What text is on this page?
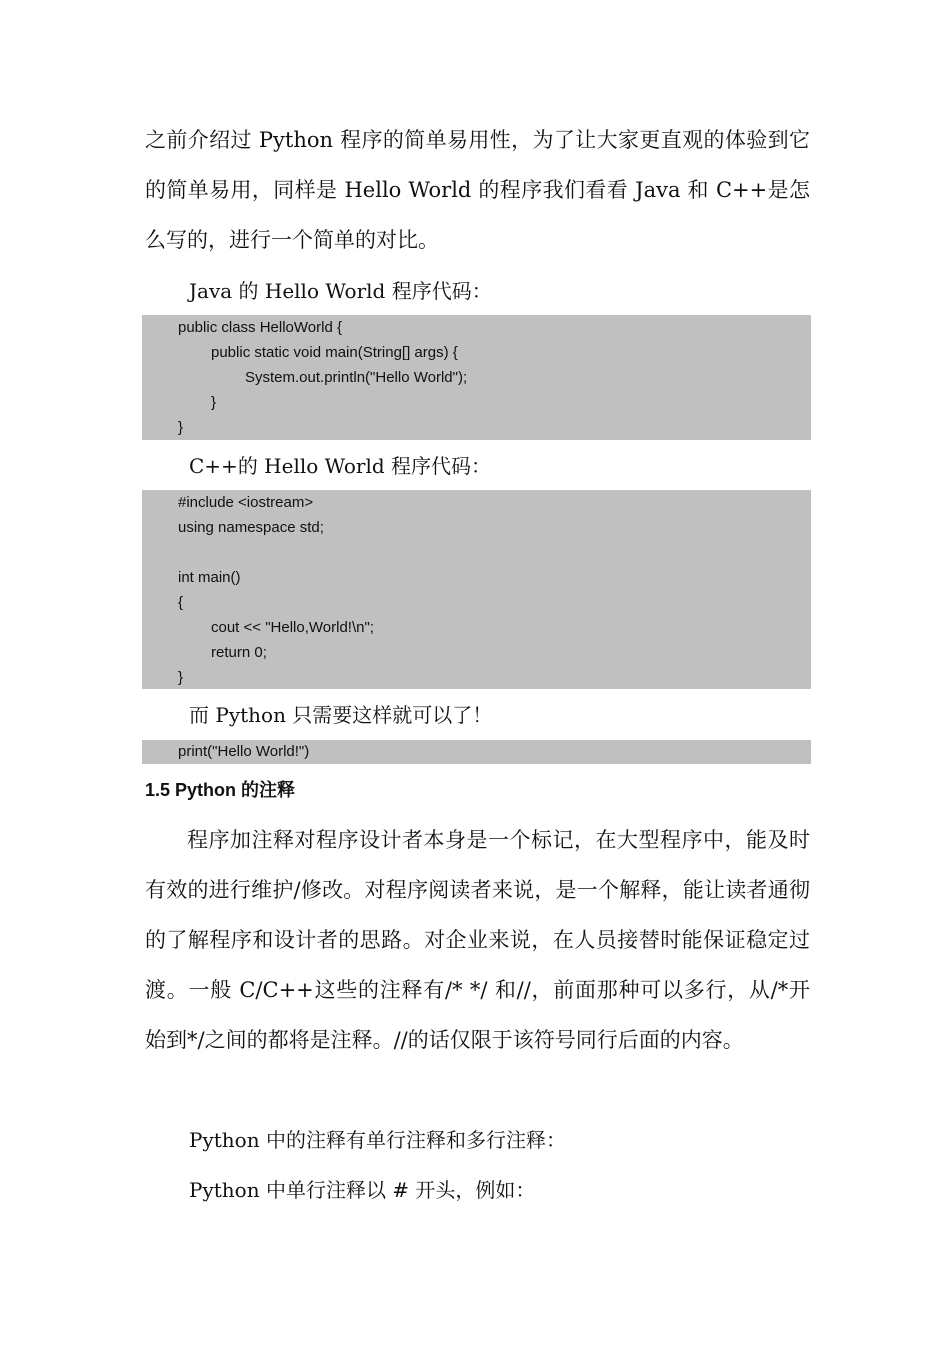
之前介绍过 Python 程序的简单易用性，为了让大家更直观的体验到它的简单易用，同样是 Hello World 的程序我们看看 Java 和 C++是怎么写的，进行一个简单的对比。

Java 的 Hello World 程序代码：

public class HelloWorld {
public static void main(String[] args) {
System.out.println("Hello World");
}
}

C++的 Hello World 程序代码：

#include <iostream>
using namespace std;
int main()
{
cout << "Hello,World!\n";
return 0;
}

而 Python 只需要这样就可以了！

print("Hello World!")

1.5 Python 的注释

程序加注释对程序设计者本身是一个标记，在大型程序中，能及时有效的进行维护/修改。对程序阅读者来说，是一个解释，能让读者通彻的了解程序和设计者的思路。对企业来说，在人员接替时能保证稳定过渡。一般 C/C++这些的注释有/* */ 和//，前面那种可以多行，从/*开始到*/之间的都将是注释。//的话仅限于该符号同行后面的内容。

Python 中的注释有单行注释和多行注释：

Python 中单行注释以 # 开头，例如：
